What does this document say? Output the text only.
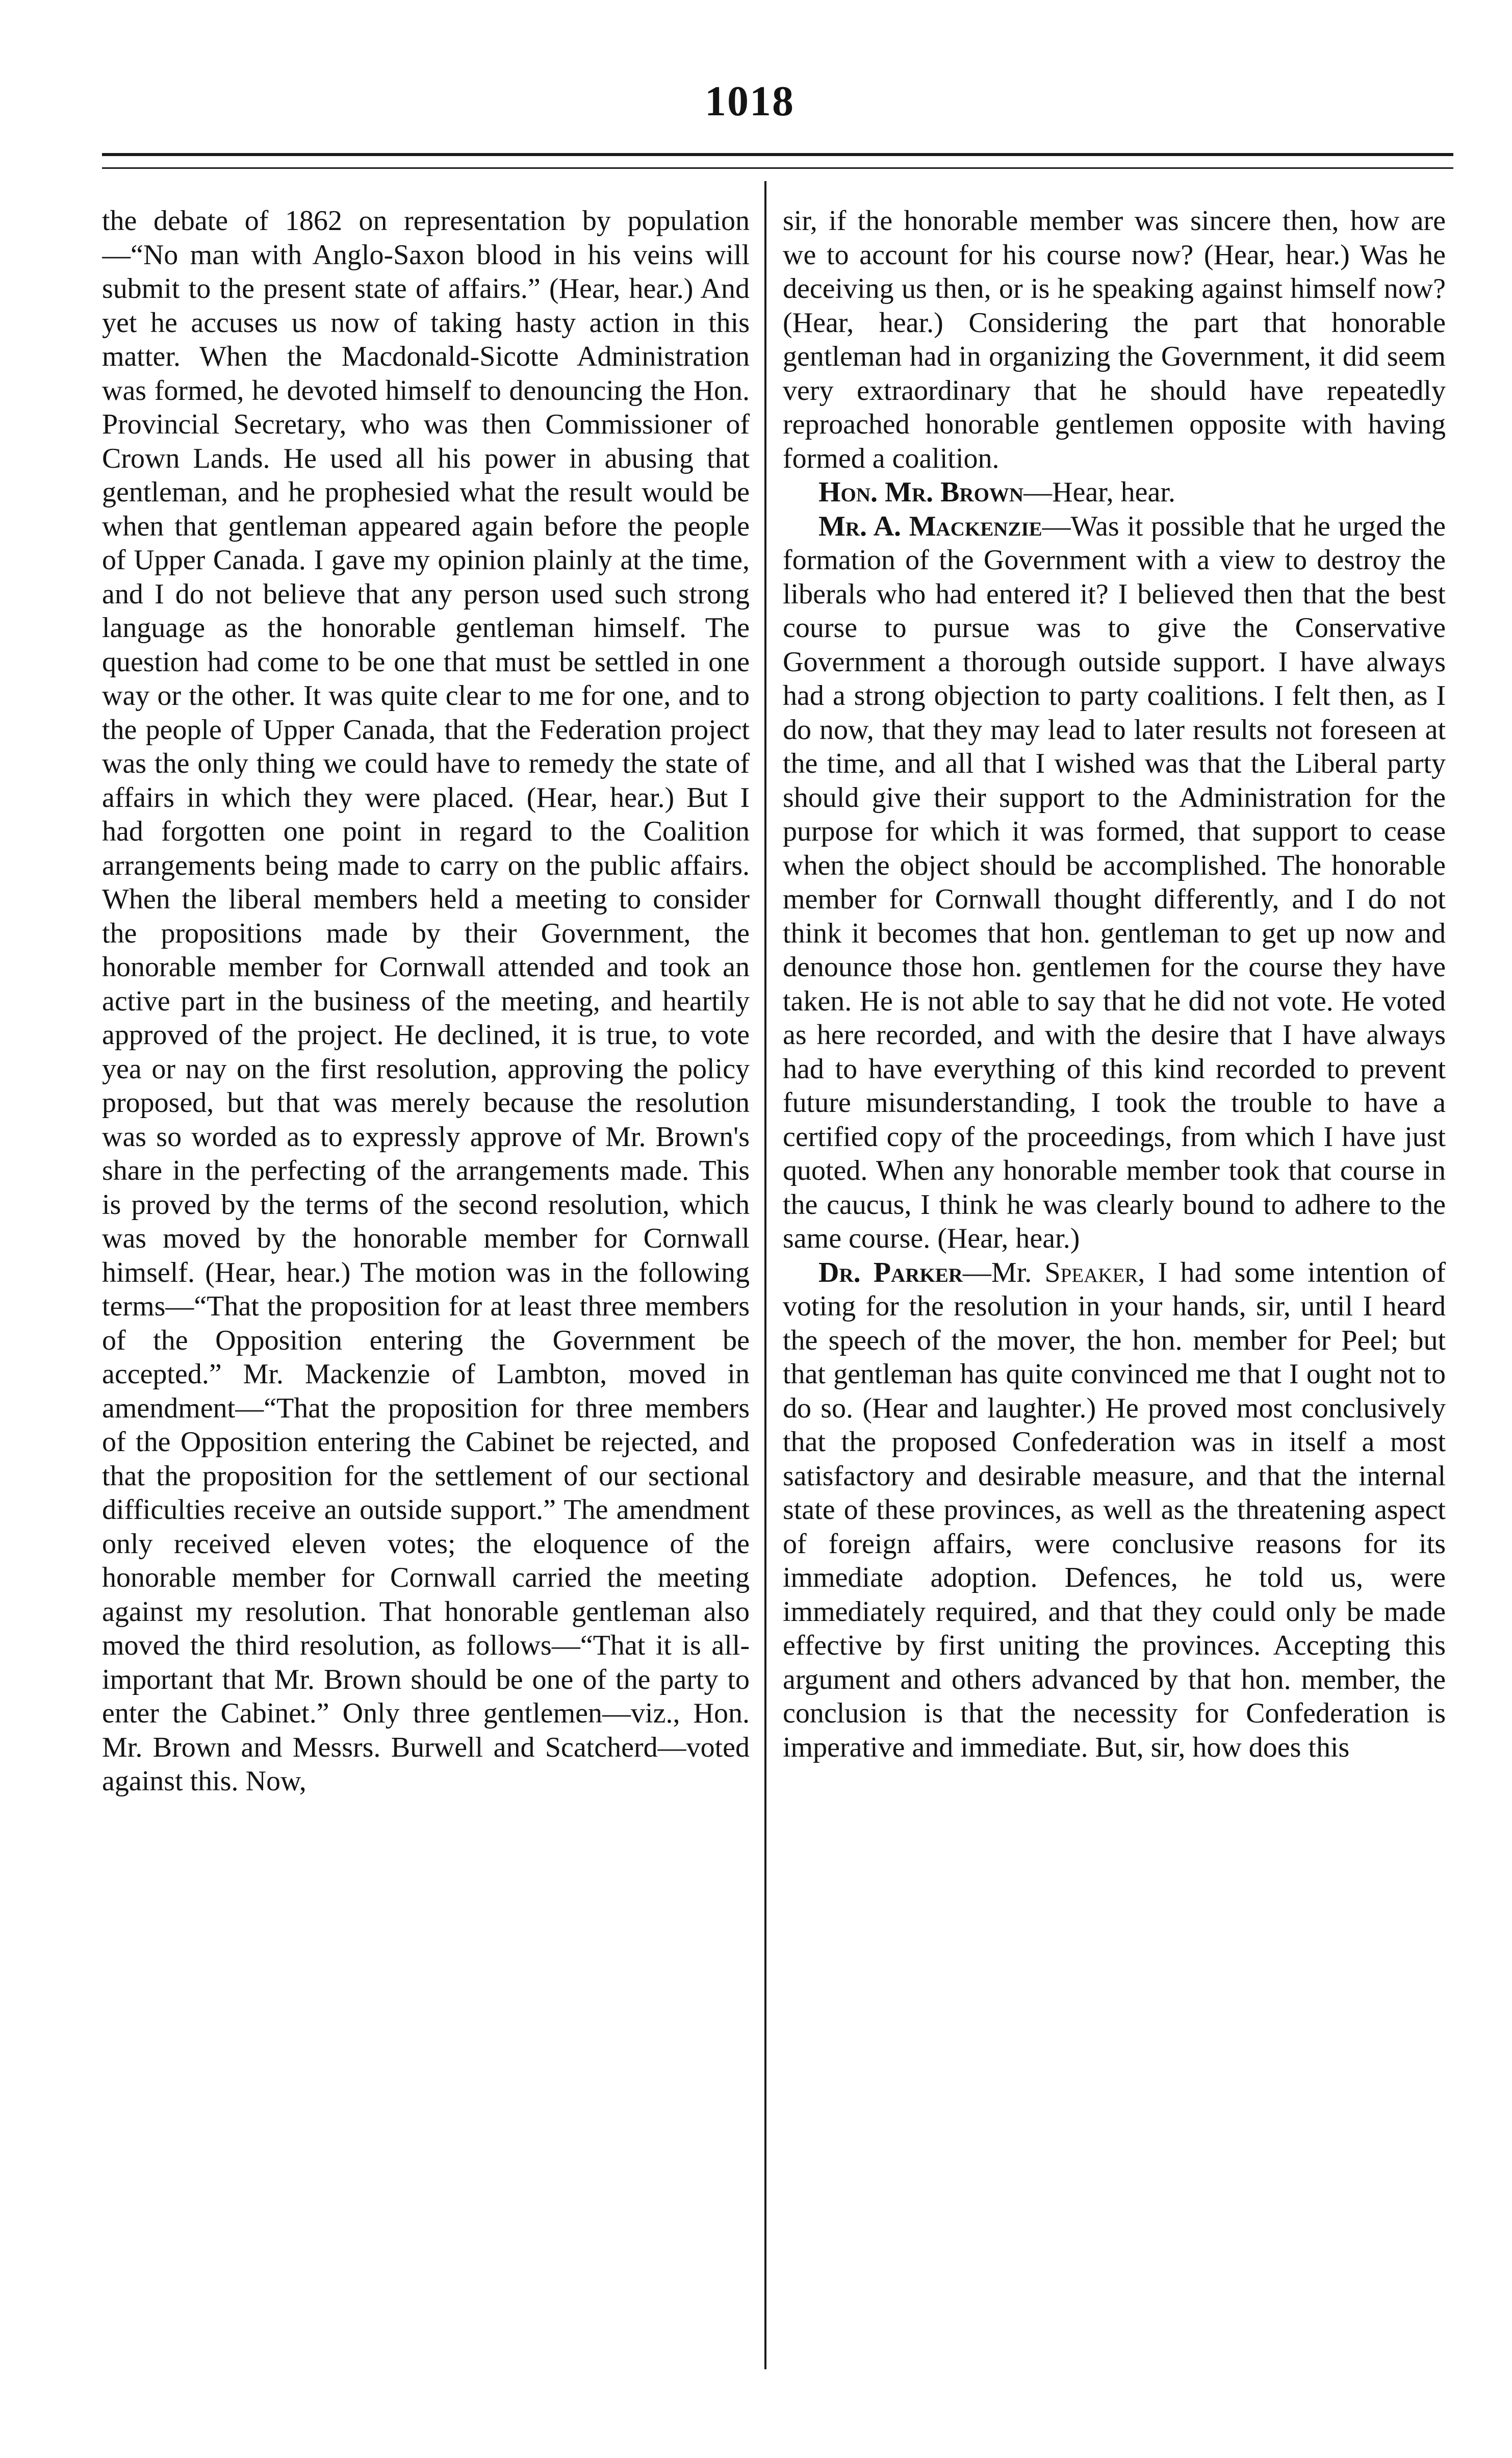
1018

the debate of 1862 on representation by population—“No man with Anglo-Saxon blood in his veins will submit to the present state of affairs.” (Hear, hear.) And yet he accuses us now of taking hasty action in this matter. When the Macdonald-Sicotte Administration was formed, he devoted himself to denouncing the Hon. Provincial Secretary, who was then Commissioner of Crown Lands. He used all his power in abusing that gentleman, and he prophesied what the result would be when that gentleman appeared again before the people of Upper Canada. I gave my opinion plainly at the time, and I do not believe that any person used such strong language as the honorable gentleman himself. The question had come to be one that must be settled in one way or the other. It was quite clear to me for one, and to the people of Upper Canada, that the Federation project was the only thing we could have to remedy the state of affairs in which they were placed. (Hear, hear.) But I had forgotten one point in regard to the Coalition arrangements being made to carry on the public affairs. When the liberal members held a meeting to consider the propositions made by their Government, the honorable member for Cornwall attended and took an active part in the business of the meeting, and heartily approved of the project. He declined, it is true, to vote yea or nay on the first resolution, approving the policy proposed, but that was merely because the resolution was so worded as to expressly approve of Mr. Brown's share in the perfecting of the arrangements made. This is proved by the terms of the second resolution, which was moved by the honorable member for Cornwall himself. (Hear, hear.) The motion was in the following terms—“That the proposition for at least three members of the Opposition entering the Government be accepted.” Mr. Mackenzie of Lambton, moved in amendment—“That the proposition for three members of the Opposition entering the Cabinet be rejected, and that the proposition for the settlement of our sectional difficulties receive an outside support.” The amendment only received eleven votes; the eloquence of the honorable member for Cornwall carried the meeting against my resolution. That honorable gentleman also moved the third resolution, as follows—“That it is all-important that Mr. Brown should be one of the party to enter the Cabinet.” Only three gentlemen—viz., Hon. Mr. Brown and Messrs. Burwell and Scatcherd—voted against this. Now,

sir, if the honorable member was sincere then, how are we to account for his course now? (Hear, hear.) Was he deceiving us then, or is he speaking against himself now? (Hear, hear.) Considering the part that honorable gentleman had in organizing the Government, it did seem very extraordinary that he should have repeatedly reproached honorable gentlemen opposite with having formed a coalition.

Hon. Mr. Brown—Hear, hear.

Mr. A. Mackenzie—Was it possible that he urged the formation of the Government with a view to destroy the liberals who had entered it? I believed then that the best course to pursue was to give the Conservative Government a thorough outside support. I have always had a strong objection to party coalitions. I felt then, as I do now, that they may lead to later results not foreseen at the time, and all that I wished was that the Liberal party should give their support to the Administration for the purpose for which it was formed, that support to cease when the object should be accomplished. The honorable member for Cornwall thought differently, and I do not think it becomes that hon. gentleman to get up now and denounce those hon. gentlemen for the course they have taken. He is not able to say that he did not vote. He voted as here recorded, and with the desire that I have always had to have everything of this kind recorded to prevent future misunderstanding, I took the trouble to have a certified copy of the proceedings, from which I have just quoted. When any honorable member took that course in the caucus, I think he was clearly bound to adhere to the same course. (Hear, hear.)

Dr. Parker—Mr. Speaker, I had some intention of voting for the resolution in your hands, sir, until I heard the speech of the mover, the hon. member for Peel; but that gentleman has quite convinced me that I ought not to do so. (Hear and laughter.) He proved most conclusively that the proposed Confederation was in itself a most satisfactory and desirable measure, and that the internal state of these provinces, as well as the threatening aspect of foreign affairs, were conclusive reasons for its immediate adoption. Defences, he told us, were immediately required, and that they could only be made effective by first uniting the provinces. Accepting this argument and others advanced by that hon. member, the conclusion is that the necessity for Confederation is imperative and immediate. But, sir, how does this
